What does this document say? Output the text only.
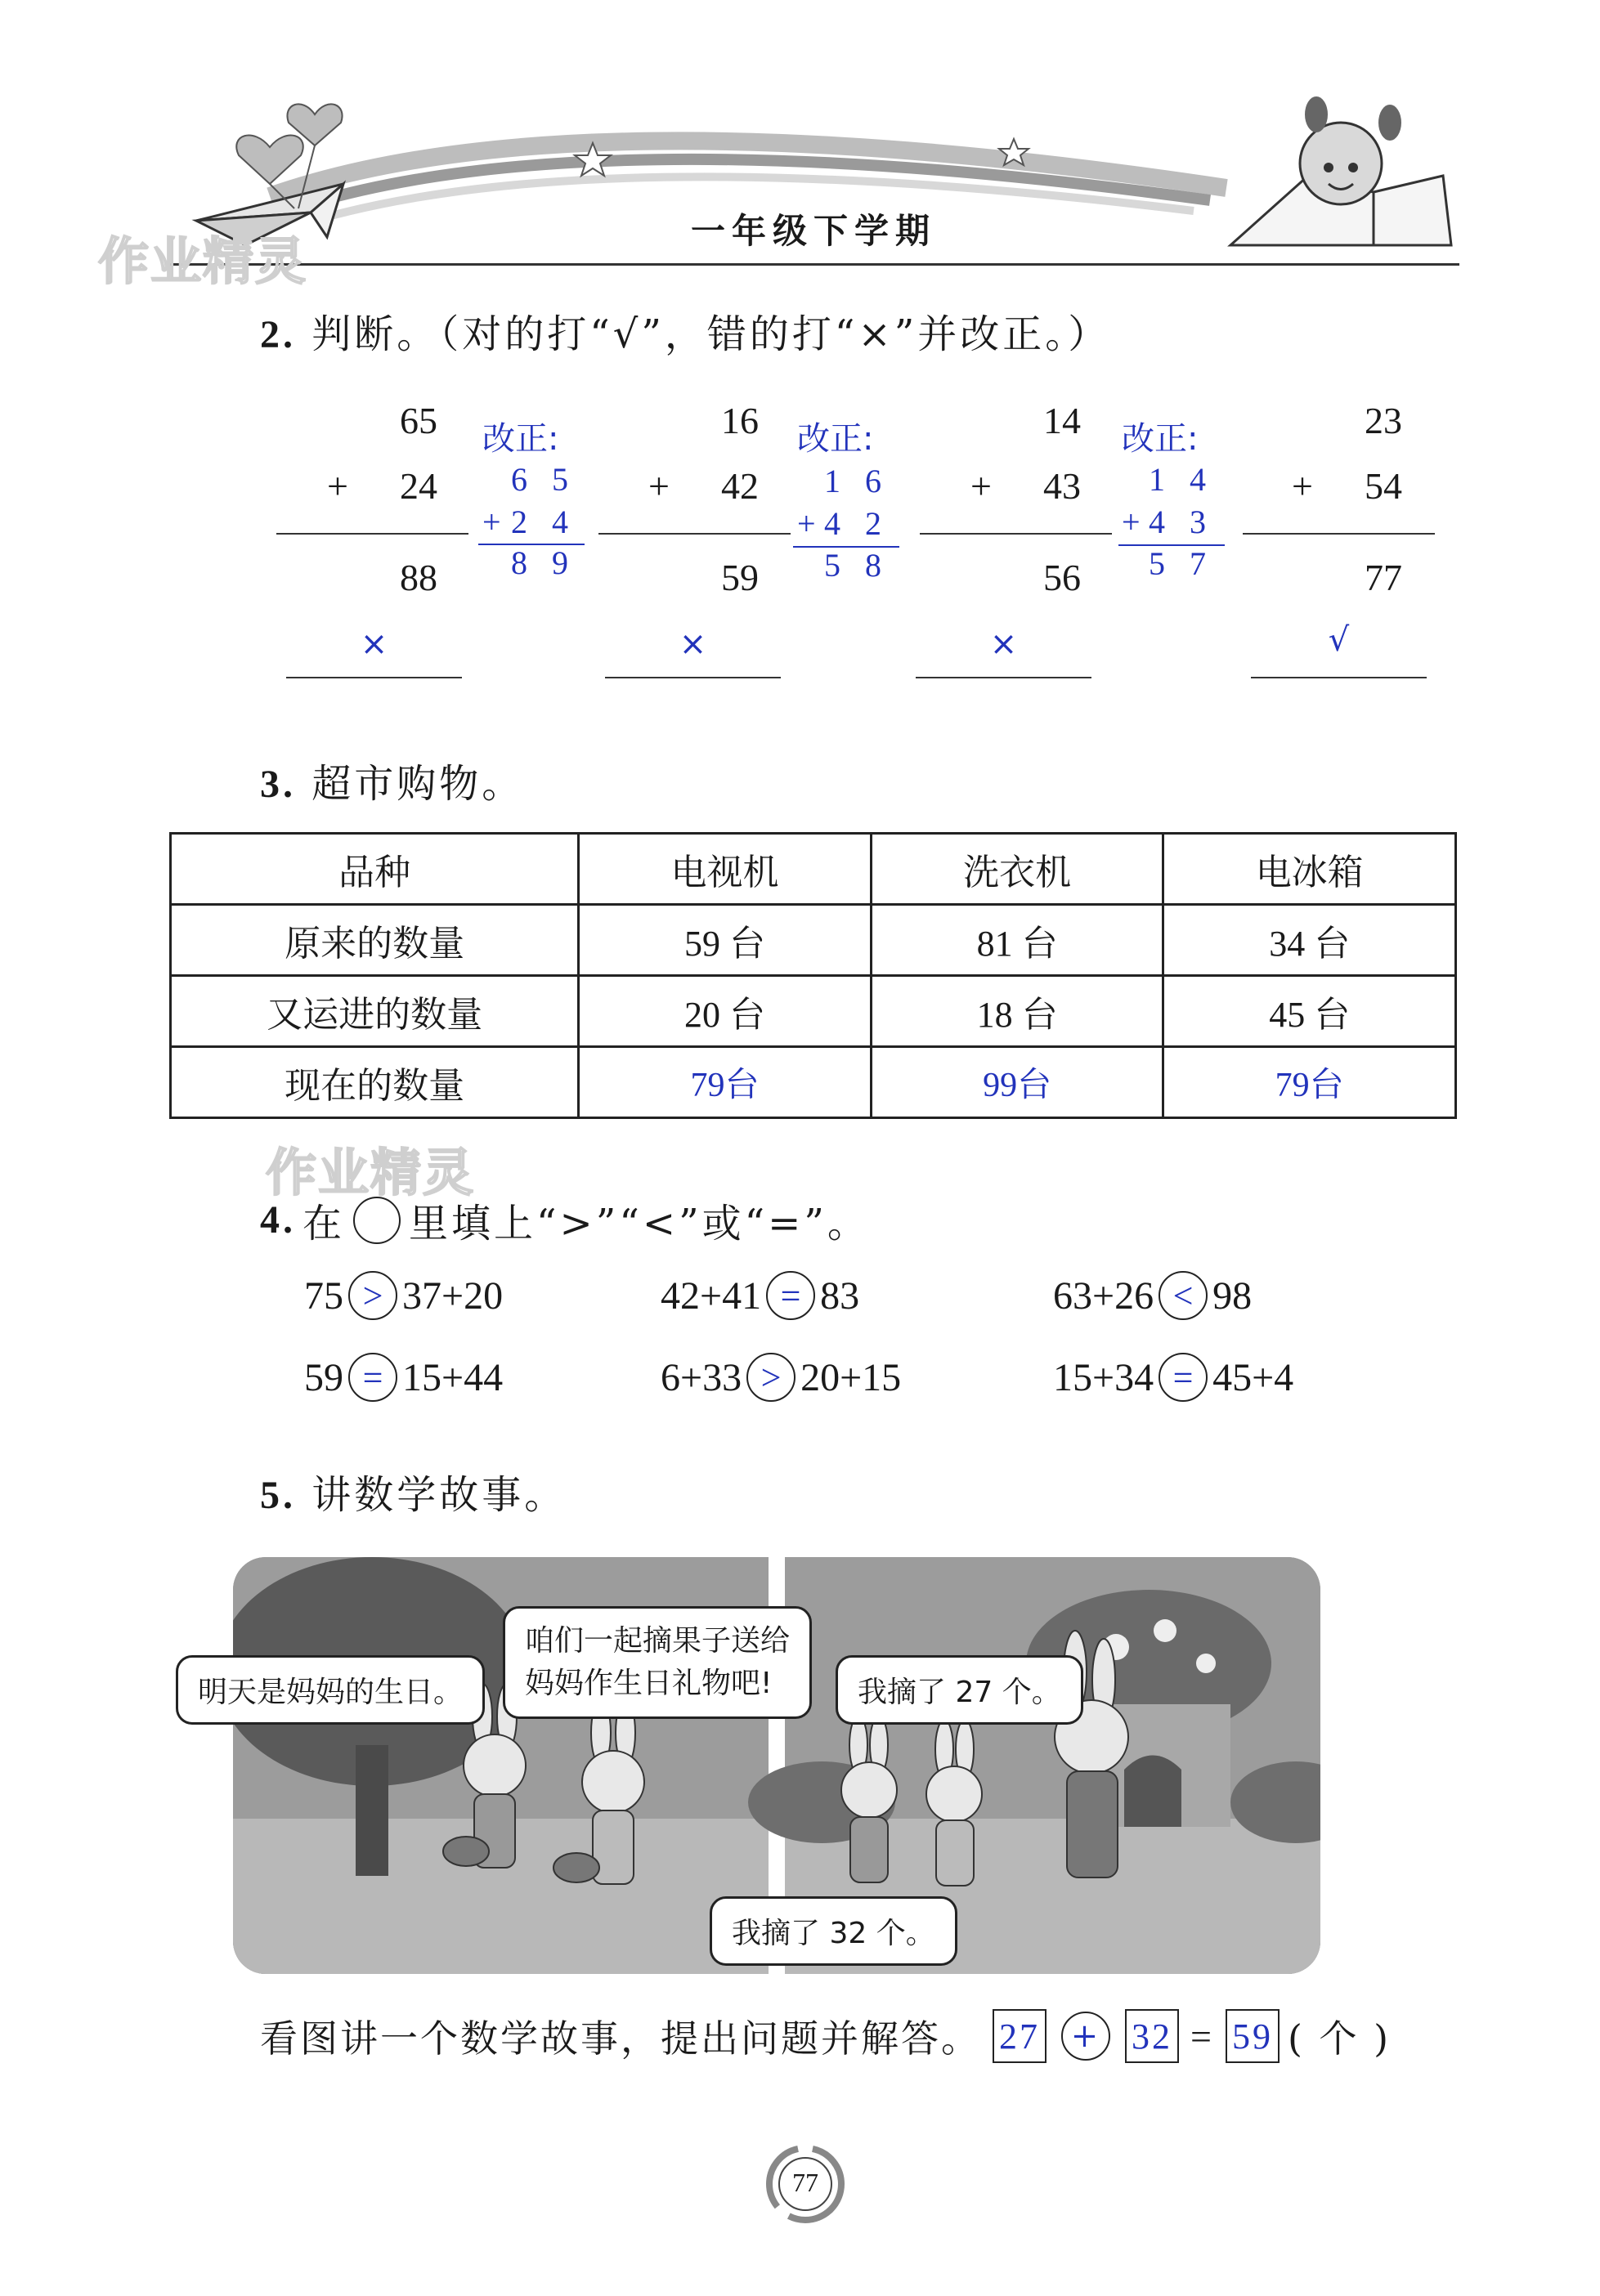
一年级下学期
作业精灵
2. 判断。（对的打“√”，错的打“×”并改正。）
65
+	24
88
改正:
6 5
+ 2 4
8 9
×
16
+	42
59
改正:
1 6
+ 4 2
5 8
×
14
+	43
56
改正:
1 4
+ 4 3
5 7
×
23
+	54
77
√
3. 超市购物。
品种	电视机	洗衣机	电冰箱
原来的数量	59 台	81 台	34 台
又运进的数量	20 台	18 台	45 台
现在的数量	79台	99台	79台
作业精灵
4. 在 里填上“>”“<”或“=”。
75 > 37+20	42+41 = 83	63+26 < 98
59 = 15+44	6+33 > 20+15	15+34 = 45+4
5. 讲数学故事。
明天是妈妈的生日。
咱们一起摘果子送给
妈妈作生日礼物吧!	我摘了 27 个。
我摘了 32 个。
看图讲一个数学故事，提出问题并解答。 27 + 32 = 59 ( 个 )
77
